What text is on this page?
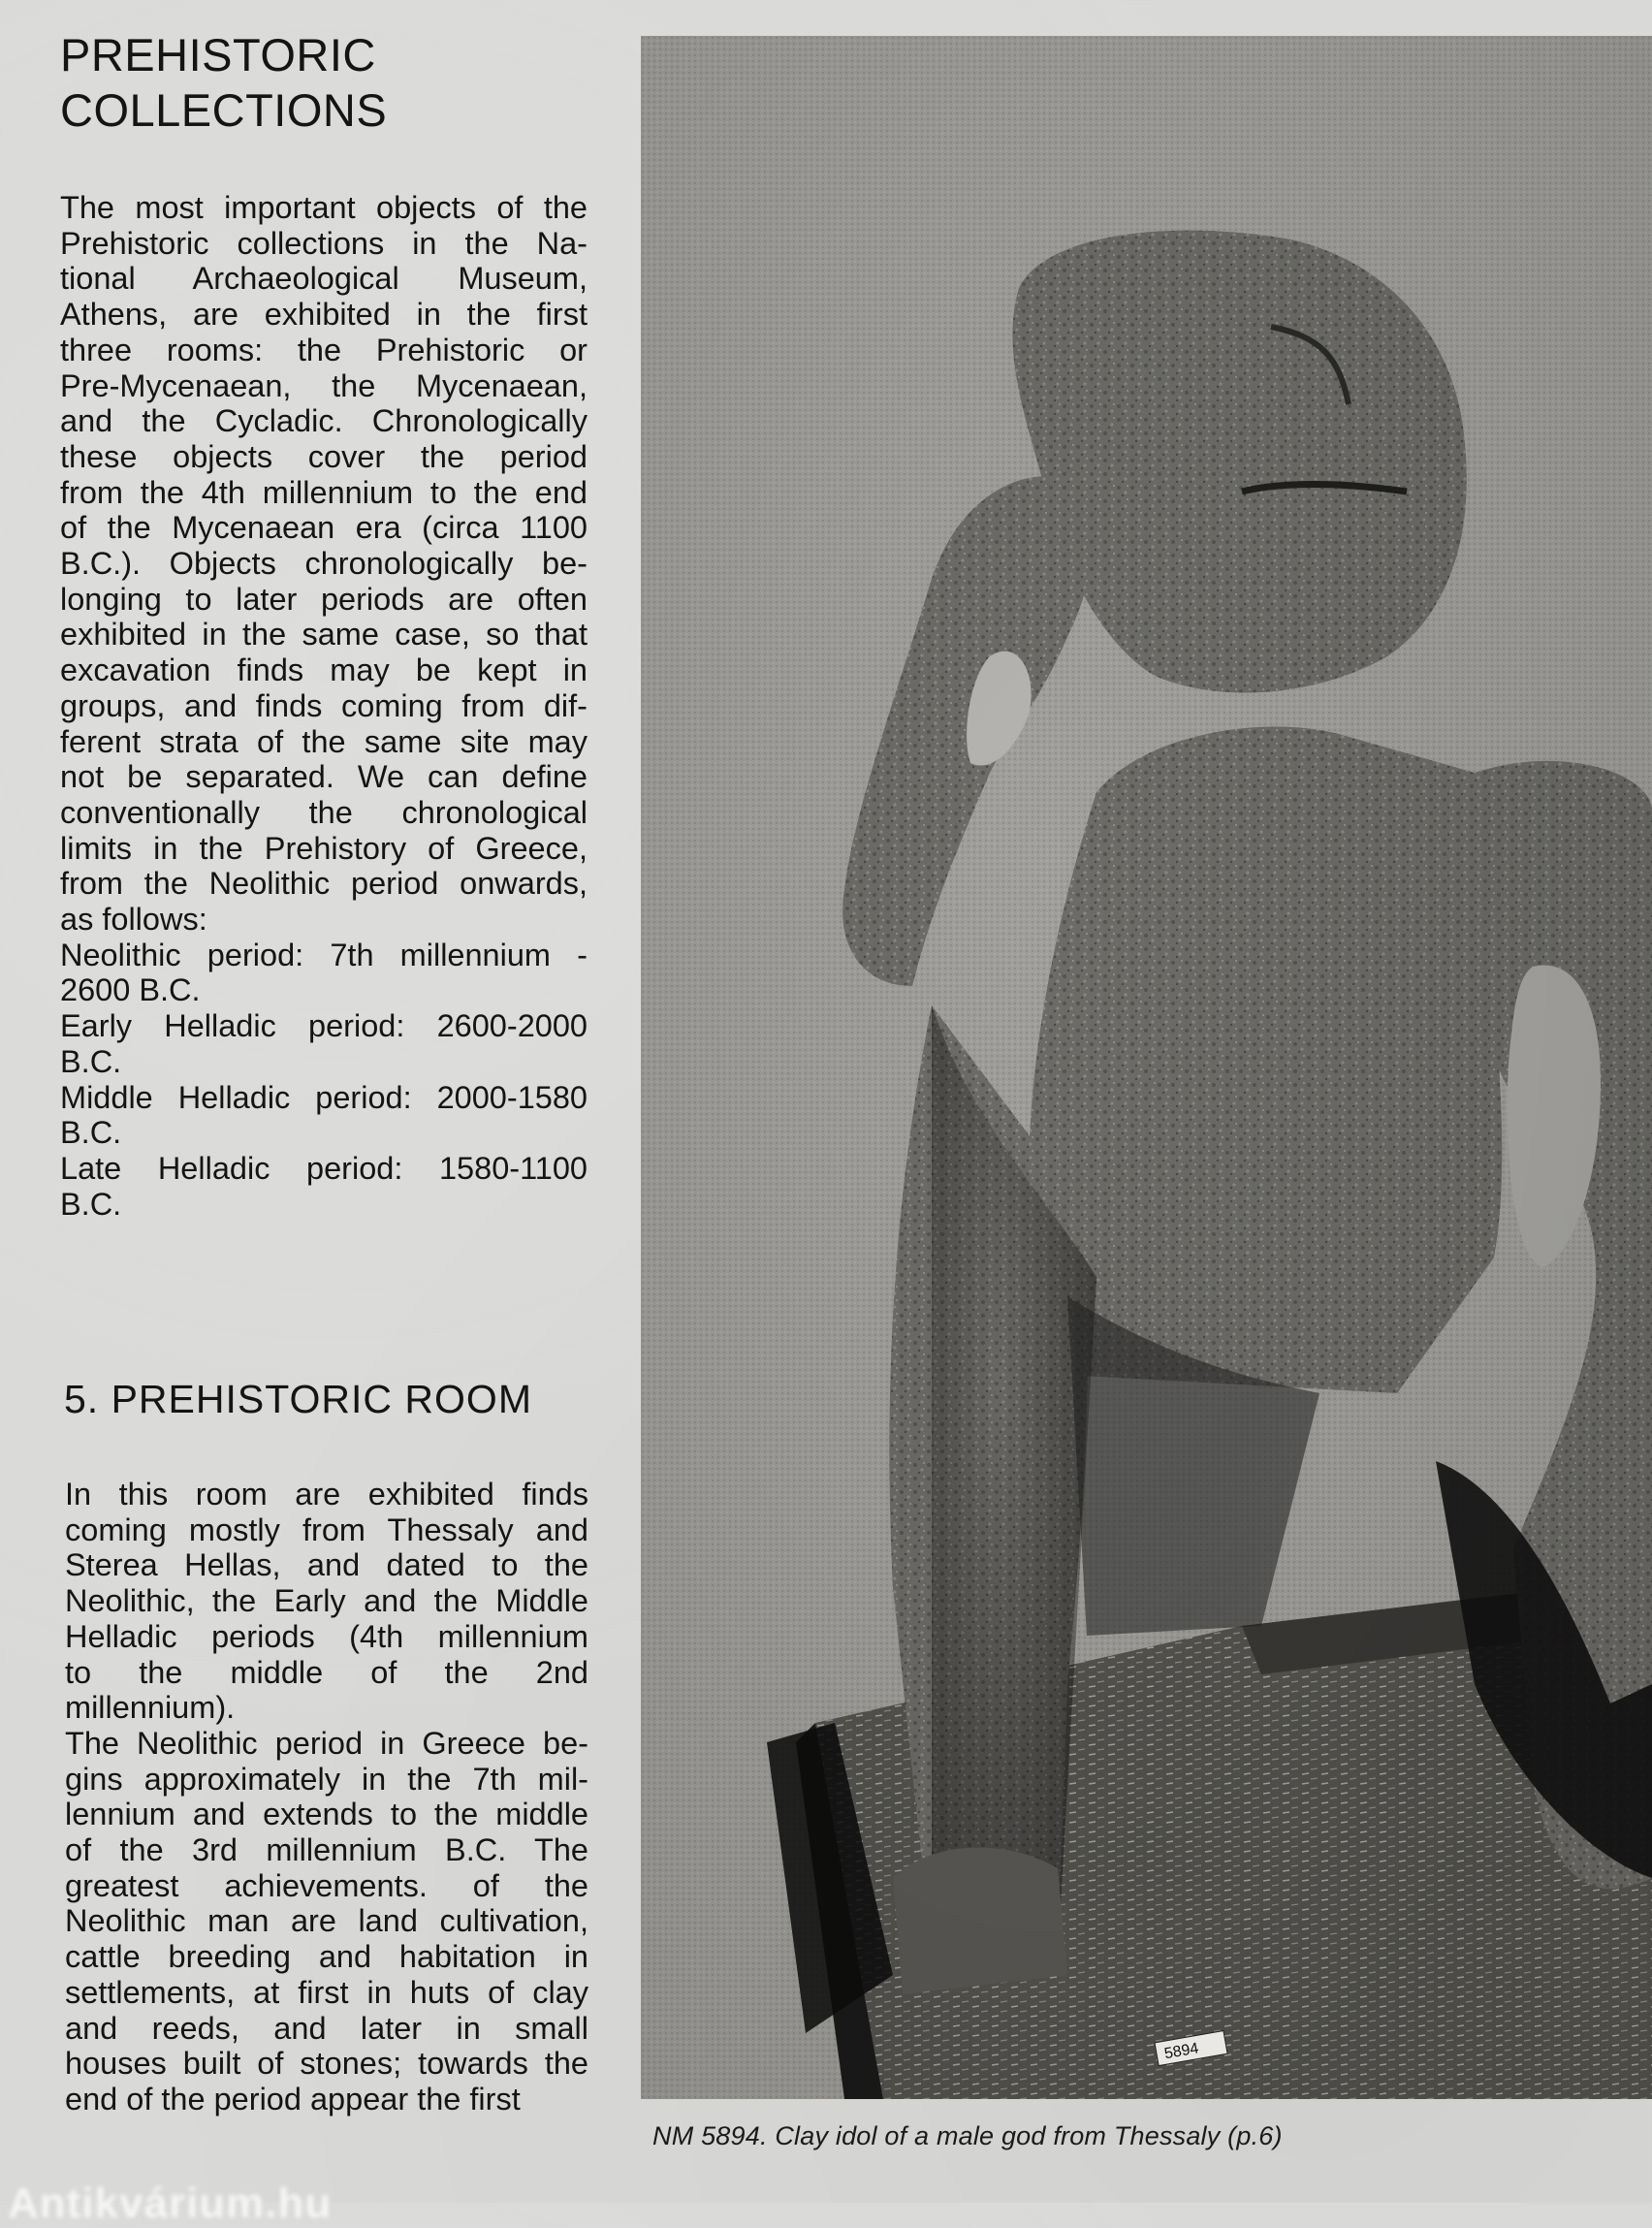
PREHISTORIC
COLLECTIONS

The most important objects of the
Prehistoric collections in the Na-
tional Archaeological Museum,
Athens, are exhibited in the first
three rooms: the Prehistoric or
Pre-Mycenaean, the Mycenaean,
and the Cycladic. Chronologically
these objects cover the period
from the 4th millennium to the end
of the Mycenaean era (circa 1100
B.C.). Objects chronologically be-
longing to later periods are often
exhibited in the same case, so that
excavation finds may be kept in
groups, and finds coming from dif-
ferent strata of the same site may
not be separated. We can define
conventionally the chronological
limits in the Prehistory of Greece,
from the Neolithic period onwards,
as follows:

Neolithic period: 7th millennium -
2600 B.C.
Early Helladic period: 2600-2000
B.C.
Middle Helladic period: 2000-1580
B.C.
Late Helladic period: 1580-1100
B.C.
5. PREHISTORIC ROOM

In this room are exhibited finds
coming mostly from Thessaly and
Sterea Hellas, and dated to the
Neolithic, the Early and the Middle
Helladic periods (4th millennium
to the middle of the 2nd
millennium).
The Neolithic period in Greece be-
gins approximately in the 7th mil-
lennium and extends to the middle
of the 3rd millennium B.C. The
greatest achievements. of the
Neolithic man are land cultivation,
cattle breeding and habitation in
settlements, at first in huts of clay
and reeds, and later in small
houses built of stones; towards the
end of the period appear the first

5894

NM 5894. Clay idol of a male god from Thessaly (p.6)

Antikvárium.hu
